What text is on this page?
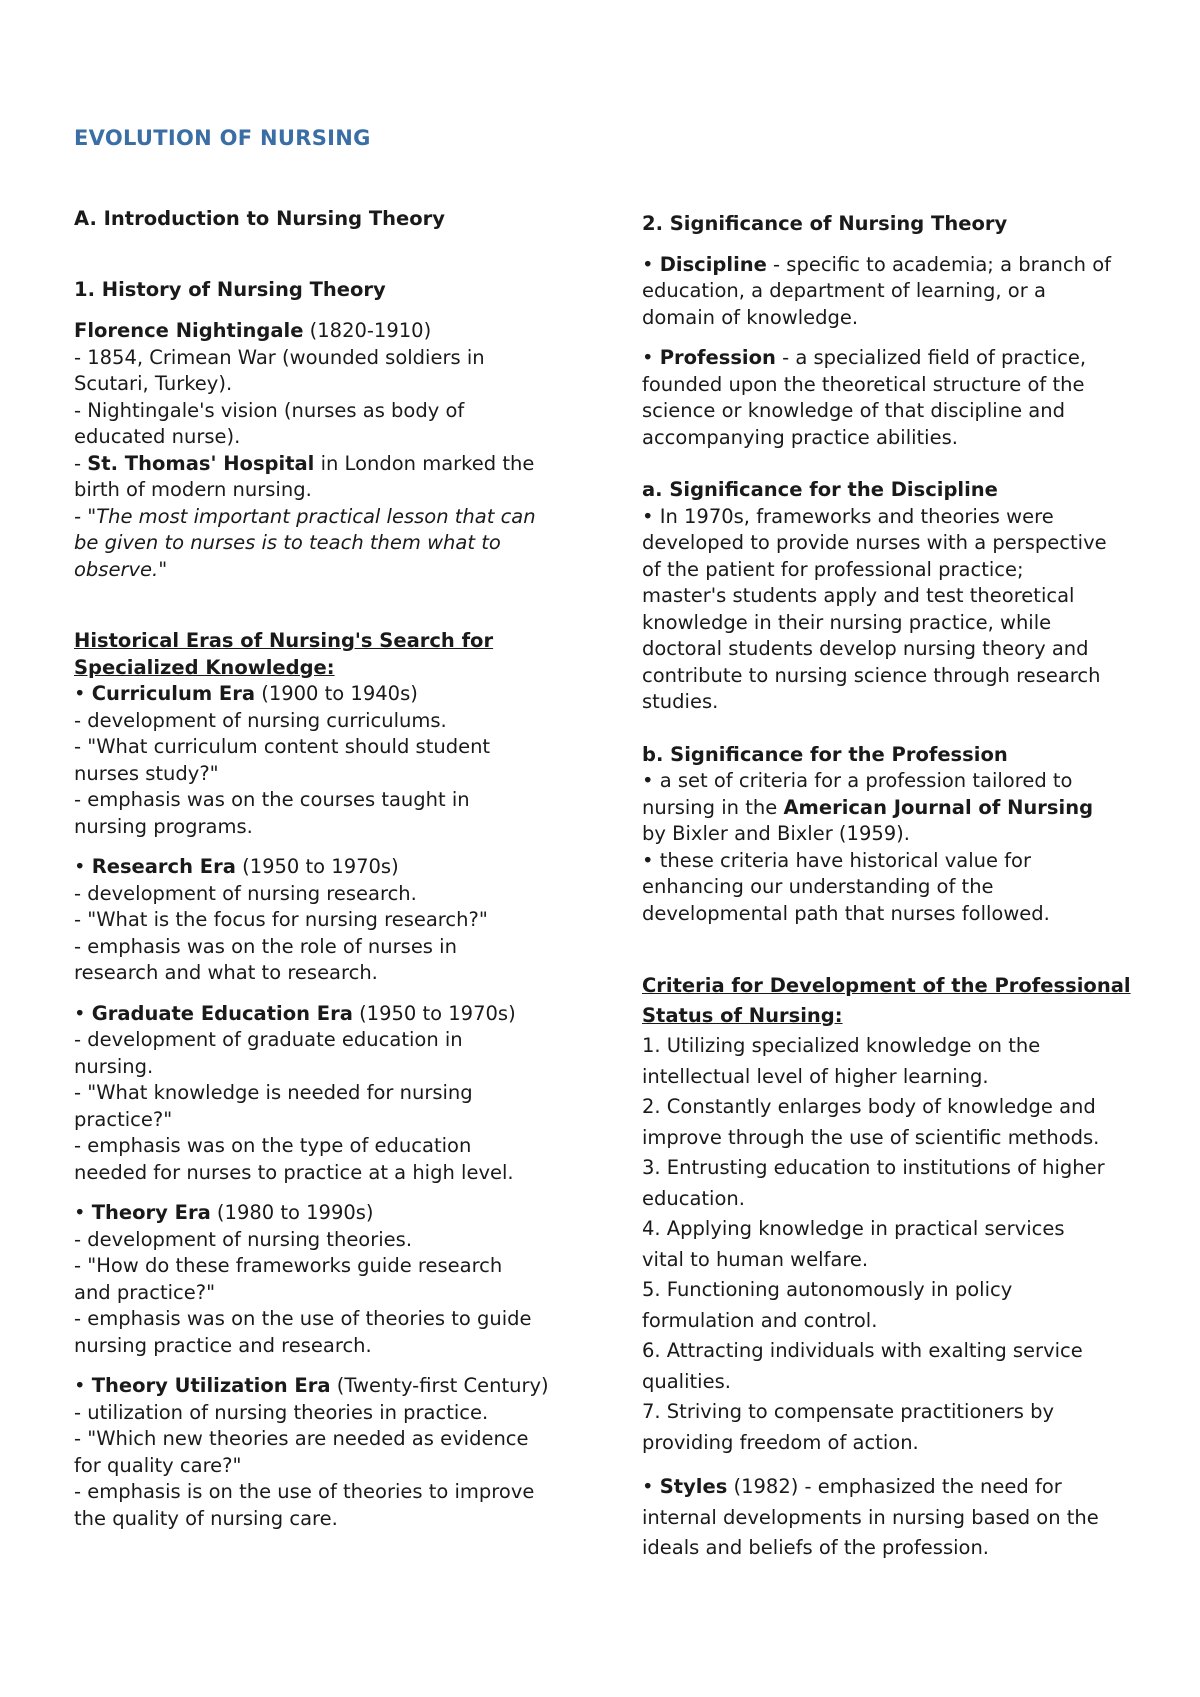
EVOLUTION OF NURSING

A. Introduction to Nursing Theory

1. History of Nursing Theory

Florence Nightingale (1820-1910)

- 1854, Crimean War (wounded soldiers in

Scutari, Turkey).

- Nightingale's vision (nurses as body of

educated nurse).

- St. Thomas' Hospital in London marked the

birth of modern nursing.

- "The most important practical lesson that can

be given to nurses is to teach them what to

observe."

Historical Eras of Nursing's Search for

Specialized Knowledge:

• Curriculum Era (1900 to 1940s)

- development of nursing curriculums.

- "What curriculum content should student

nurses study?"

- emphasis was on the courses taught in

nursing programs.

• Research Era (1950 to 1970s)

- development of nursing research.

- "What is the focus for nursing research?"

- emphasis was on the role of nurses in

research and what to research.

• Graduate Education Era (1950 to 1970s)

- development of graduate education in

nursing.

- "What knowledge is needed for nursing

practice?"

- emphasis was on the type of education

needed for nurses to practice at a high level.

• Theory Era (1980 to 1990s)

- development of nursing theories.

- "How do these frameworks guide research

and practice?"

- emphasis was on the use of theories to guide

nursing practice and research.

• Theory Utilization Era (Twenty-first Century)

- utilization of nursing theories in practice.

- "Which new theories are needed as evidence

for quality care?"

- emphasis is on the use of theories to improve

the quality of nursing care.

2. Significance of Nursing Theory

• Discipline - specific to academia; a branch of

education, a department of learning, or a

domain of knowledge.

• Profession - a specialized field of practice,

founded upon the theoretical structure of the

science or knowledge of that discipline and

accompanying practice abilities.

a. Significance for the Discipline

• In 1970s, frameworks and theories were

developed to provide nurses with a perspective

of the patient for professional practice;

master's students apply and test theoretical

knowledge in their nursing practice, while

doctoral students develop nursing theory and

contribute to nursing science through research

studies.

b. Significance for the Profession

• a set of criteria for a profession tailored to

nursing in the American Journal of Nursing

by Bixler and Bixler (1959).

• these criteria have historical value for

enhancing our understanding of the

developmental path that nurses followed.

Criteria for Development of the Professional

Status of Nursing:

1. Utilizing specialized knowledge on the

intellectual level of higher learning.

2. Constantly enlarges body of knowledge and

improve through the use of scientific methods.

3. Entrusting education to institutions of higher

education.

4. Applying knowledge in practical services

vital to human welfare.

5. Functioning autonomously in policy

formulation and control.

6. Attracting individuals with exalting service

qualities.

7. Striving to compensate practitioners by

providing freedom of action.

• Styles (1982) - emphasized the need for

internal developments in nursing based on the

ideals and beliefs of the profession.
